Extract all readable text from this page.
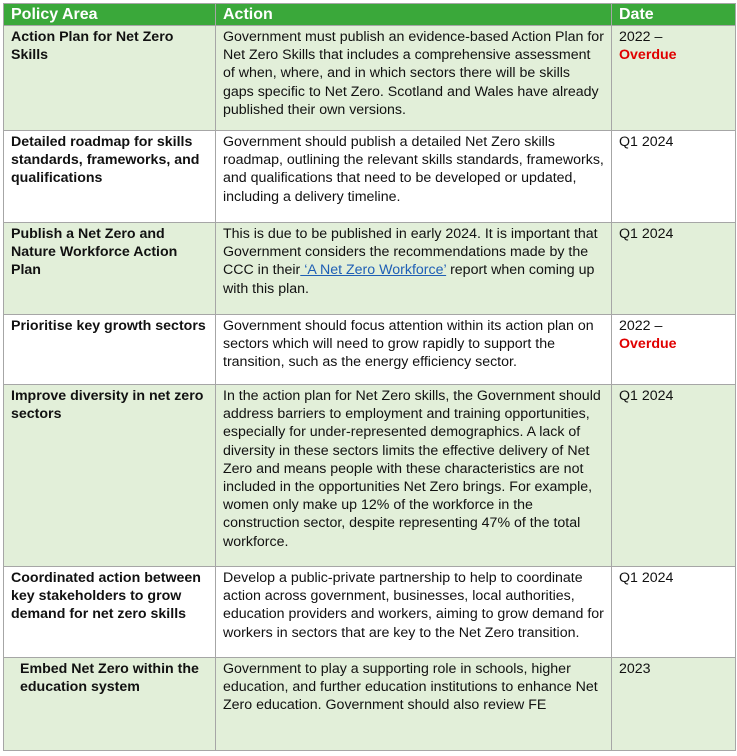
Policy Area	Action	Date
Action Plan for Net Zero Skills	Government must publish an evidence-based Action Plan for Net Zero Skills that includes a comprehensive assessment of when, where, and in which sectors there will be skills gaps specific to Net Zero. Scotland and Wales have already published their own versions.	2022 –
Overdue

Detailed roadmap for skills standards, frameworks, and qualifications	Government should publish a detailed Net Zero skills roadmap, outlining the relevant skills standards, frameworks, and qualifications that need to be developed or updated, including a delivery timeline.	Q1 2024
Publish a Net Zero and Nature Workforce Action Plan	This is due to be published in early 2024. It is important that Government considers the recommendations made by the CCC in their ‘A Net Zero Workforce’ report when coming up with this plan.	Q1 2024
Prioritise key growth sectors	Government should focus attention within its action plan on sectors which will need to grow rapidly to support the transition, such as the energy efficiency sector.	2022 –
Overdue

Improve diversity in net zero sectors	In the action plan for Net Zero skills, the Government should address barriers to employment and training opportunities, especially for under-represented demographics. A lack of diversity in these sectors limits the effective delivery of Net Zero and means people with these characteristics are not included in the opportunities Net Zero brings. For example, women only make up 12% of the workforce in the construction sector, despite representing 47% of the total workforce.	Q1 2024
Coordinated action between key stakeholders to grow demand for net zero skills	Develop a public-private partnership to help to coordinate action across government, businesses, local authorities, education providers and workers, aiming to grow demand for workers in sectors that are key to the Net Zero transition.	Q1 2024
Embed Net Zero within the education system	Government to play a supporting role in schools, higher education, and further education institutions to enhance Net Zero education. Government should also review FE	2023
